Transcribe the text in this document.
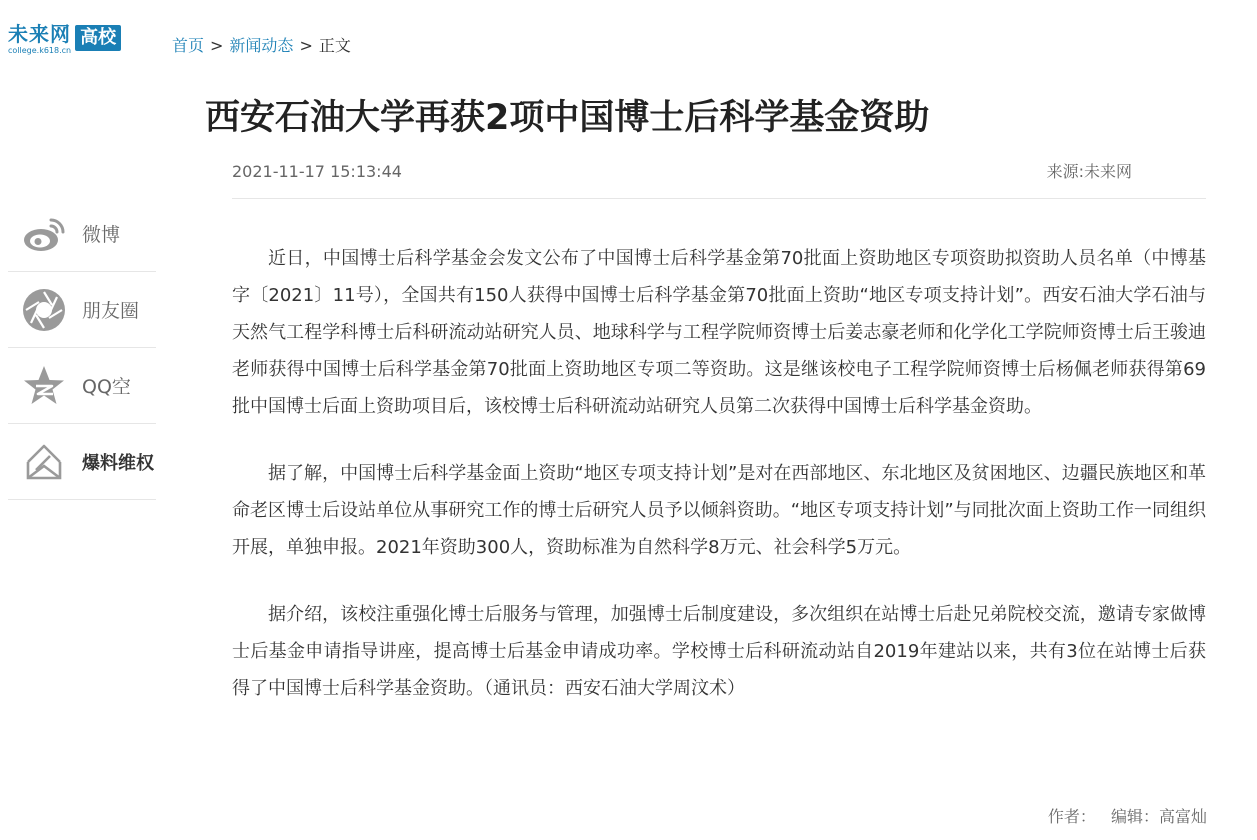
未来网
college.k618.cn
高校	首页 > 新闻动态 > 正文
西安石油大学再获2项中国博士后科学基金资助
2021-11-17 15:13:44	来源:未来网
微博
朋友圈
QQ空
爆料维权

近日，中国博士后科学基金会发文公布了中国博士后科学基金第70批面上资助地区专项资助拟资助人员名单（中博基字〔2021〕11号），全国共有150人获得中国博士后科学基金第70批面上资助“地区专项支持计划”。西安石油大学石油与天然气工程学科博士后科研流动站研究人员、地球科学与工程学院师资博士后姜志豪老师和化学化工学院师资博士后王骏迪老师获得中国博士后科学基金第70批面上资助地区专项二等资助。这是继该校电子工程学院师资博士后杨佩老师获得第69批中国博士后面上资助项目后，该校博士后科研流动站研究人员第二次获得中国博士后科学基金资助。

据了解，中国博士后科学基金面上资助“地区专项支持计划”是对在西部地区、东北地区及贫困地区、边疆民族地区和革命老区博士后设站单位从事研究工作的博士后研究人员予以倾斜资助。“地区专项支持计划”与同批次面上资助工作一同组织开展，单独申报。2021年资助300人，资助标准为自然科学8万元、社会科学5万元。

据介绍，该校注重强化博士后服务与管理，加强博士后制度建设，多次组织在站博士后赴兄弟院校交流，邀请专家做博士后基金申请指导讲座，提高博士后基金申请成功率。学校博士后科研流动站自2019年建站以来，共有3位在站博士后获得了中国博士后科学基金资助。（通讯员：西安石油大学周汶术）

作者： 编辑：高富灿
